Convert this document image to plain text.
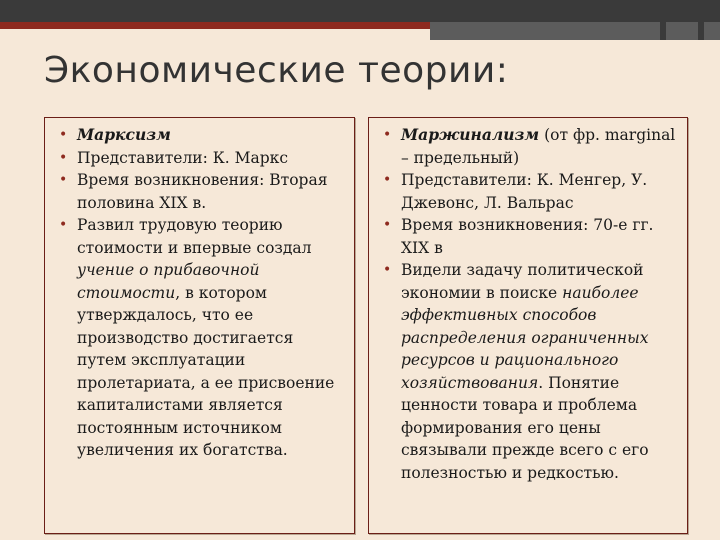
Экономические теории:
• Марксизм
• Представители: К. Маркс
• Время возникновения: Вторая половина XIX в.
• Развил трудовую теорию стоимости и впервые создал учение о прибавочной стоимости, в котором утверждалось, что ее производство достигается путем эксплуатации пролетариата, а ее присвоение капиталистами является постоянным источником увеличения их богатства.
• Маржинализм (от фр. marginal – предельный)
• Представители: К. Менгер, У. Джевонс, Л. Вальрас
• Время возникновения: 70-е гг. XIX в
• Видели задачу политической экономии в поиске наиболее эффективных способов распределения ограниченных ресурсов и рационального хозяйствования. Понятие ценности товара и проблема формирования его цены связывали прежде всего с его полезностью и редкостью.
